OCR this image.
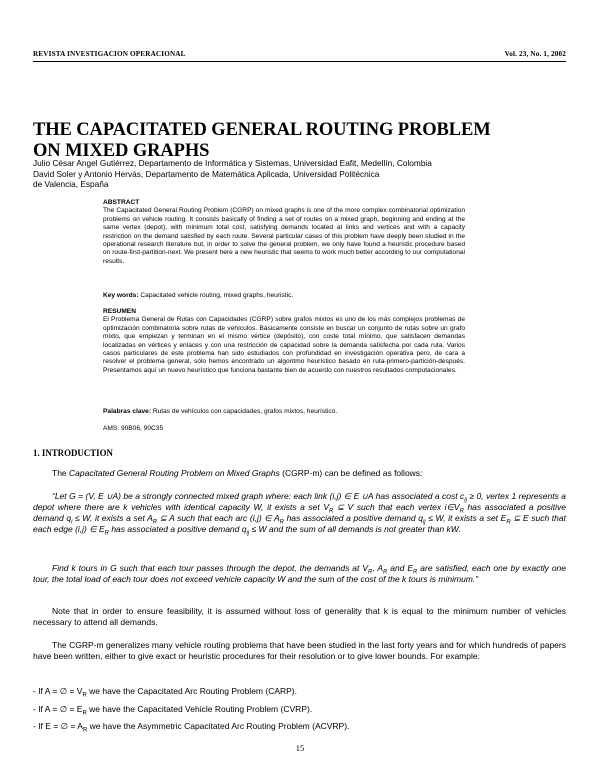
REVISTA INVESTIGACION OPERACIONAL	Vol. 23, No. 1, 2002
THE CAPACITATED GENERAL ROUTING PROBLEM
ON MIXED GRAPHS
Julio César Angel Gutiérrez, Departamento de Informática y Sistemas, Universidad Eafit, Medellín, Colombia
David Soler y Antonio Hervás, Departamento de Matemática Aplicada, Universidad Politécnica
de Valencia, España
ABSTRACT
The Capacitated General Routing Problem (CGRP) on mixed graphs is one of the more complex combinatorial optimization problems on vehicle routing. It consists basically of finding a set of routes on a mixed graph, beginning and ending at the same vertex (depot), with minimum total cost, satisfying demands located at links and vertices and with a capacity restriction on the demand satisfied by each route. Several particular cases of this problem have deeply been studied in the operational research literature but, in order to solve the general problem, we only have found a heuristic procedure based on route-first-partition-next. We present here a new heuristic that seems to work much better according to our computational results.
Key words: Capacitated vehicle routing, mixed graphs, heuristic.
RESUMEN
El Problema General de Rutas con Capacidades (CGRP) sobre grafos mixtos es uno de los más complejos problemas de optimización combinatoria sobre rutas de vehículos. Básicamente consiste en buscar un conjunto de rutas sobre un grafo mixto, que empiezan y terminan en el mismo vértice (depósito), con coste total mínimo, que satisfacen demandas localizadas en vértices y enlaces y con una restricción de capacidad sobre la demanda satisfecha por cada ruta. Varios casos particulares de este problema han sido estudiados con profundidad en investigación operativa pero, de cara a resolver el problema general, sólo hemos encontrado un algoritmo heurístico basado en ruta-primero-partición-después. Presentamos aquí un nuevo heurístico que funciona bastante bien de acuerdo con nuestros resultados computacionales.
Palabras clave: Rutas de vehículos con capacidades, grafos mixtos, heurístico.
AMS: 90B06, 90C35
1. INTRODUCTION
The Capacitated General Routing Problem on Mixed Graphs (CGRP-m) can be defined as follows:
“Let G = (V, E ∪A) be a strongly connected mixed graph where: each link (i,j) ∈ E ∪A has associated a cost $c_{ij} \ge 0$, vertex 1 represents a depot where there are k vehicles with identical capacity W, it exists a set $V_R$ ⊆ V such that each vertex $i\in V_R$ has associated a positive demand $q_i \le W$, it exists a set $A_R$ ⊆ A such that each arc (i,j) ∈ $A_R$ has associated a positive demand $q_{ij} \le W$, it exists a set $E_R$ ⊆ E such that each edge (i,j) ∈ $E_R$ has associated a positive demand $q_{ij} \le W$ and the sum of all demands is not greater than kW.
Find k tours in G such that each tour passes through the depot, the demands at $V_R$, $A_R$ and $E_R$ are satisfied, each one by exactly one tour, the total load of each tour does not exceed vehicle capacity W and the sum of the cost of the k tours is minimum.”
Note that in order to ensure feasibility, it is assumed without loss of generality that k is equal to the minimum number of vehicles necessary to attend all demands.
The CGRP-m generalizes many vehicle routing problems that have been studied in the last forty years and for which hundreds of papers have been written, either to give exact or heuristic procedures for their resolution or to give lower bounds. For example:
- If A = ∅ = $V_R$ we have the Capacitated Arc Routing Problem (CARP).
- If A = ∅ = $E_R$ we have the Capacitated Vehicle Routing Problem (CVRP).
- If E = ∅ = $A_R$ we have the Asymmetric Capacitated Arc Routing Problem (ACVRP).
15
